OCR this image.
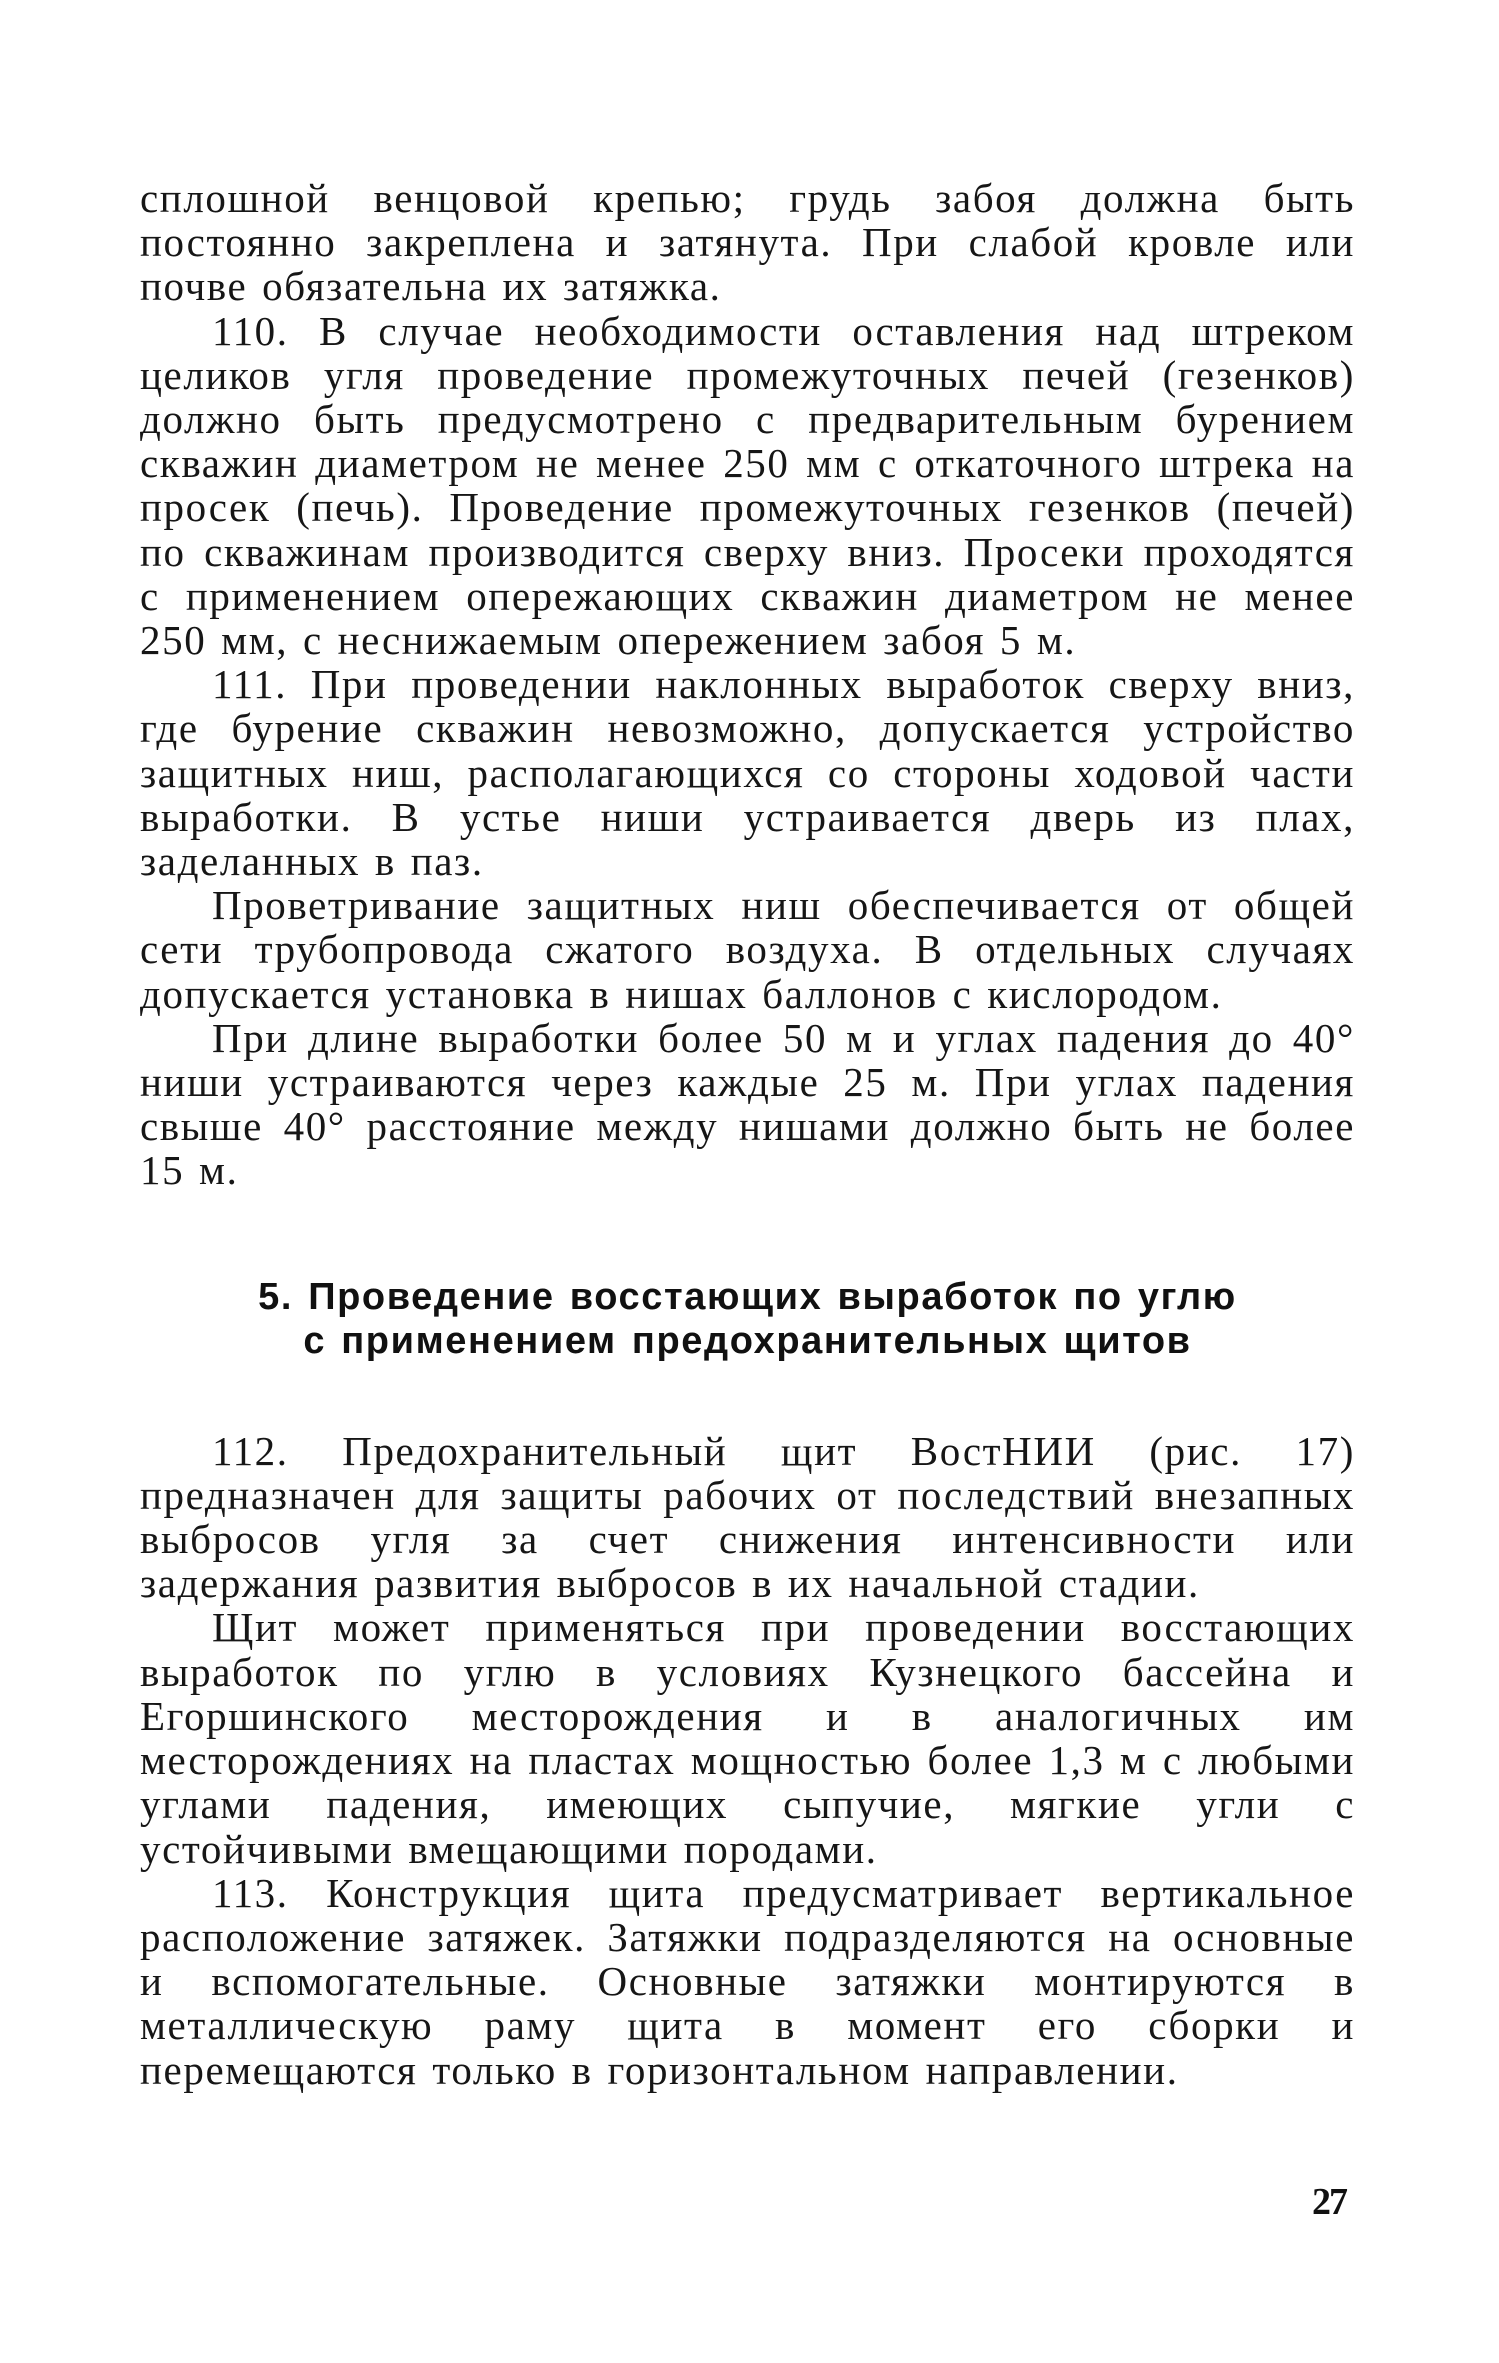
сплошной венцовой крепью; грудь забоя должна быть постоянно закреплена и затянута. При слабой кровле или почве обязательна их затяжка.

110. В случае необходимости оставления над штреком целиков угля проведение промежуточных печей (гезенков) должно быть предусмотрено с предварительным бурением скважин диаметром не менее 250 мм с откаточного штрека на просек (печь). Проведение промежуточных гезенков (печей) по скважинам производится сверху вниз. Просеки проходятся с применением опережающих скважин диаметром не менее 250 мм, с неснижаемым опережением забоя 5 м.

111. При проведении наклонных выработок сверху вниз, где бурение скважин невозможно, допускается устройство защитных ниш, располагающихся со стороны ходовой части выработки. В устье ниши устраивается дверь из плах, заделанных в паз.

Проветривание защитных ниш обеспечивается от общей сети трубопровода сжатого воздуха. В отдельных случаях допускается установка в нишах баллонов с кислородом.

При длине выработки более 50 м и углах падения до 40° ниши устраиваются через каждые 25 м. При углах падения свыше 40° расстояние между нишами должно быть не более 15 м.

5. Проведение восстающих выработок по углю
с применением предохранительных щитов

112. Предохранительный щит ВостНИИ (рис. 17) предназначен для защиты рабочих от последствий внезапных выбросов угля за счет снижения интенсивности или задержания развития выбросов в их начальной стадии.

Щит может применяться при проведении восстающих выработок по углю в условиях Кузнецкого бассейна и Егоршинского месторождения и в аналогичных им месторождениях на пластах мощностью более 1,3 м с любыми углами падения, имеющих сыпучие, мягкие угли с устойчивыми вмещающими породами.

113. Конструкция щита предусматривает вертикальное расположение затяжек. Затяжки подразделяются на основные и вспомогательные. Основные затяжки монтируются в металлическую раму щита в момент его сборки и перемещаются только в горизонтальном направлении.

27
